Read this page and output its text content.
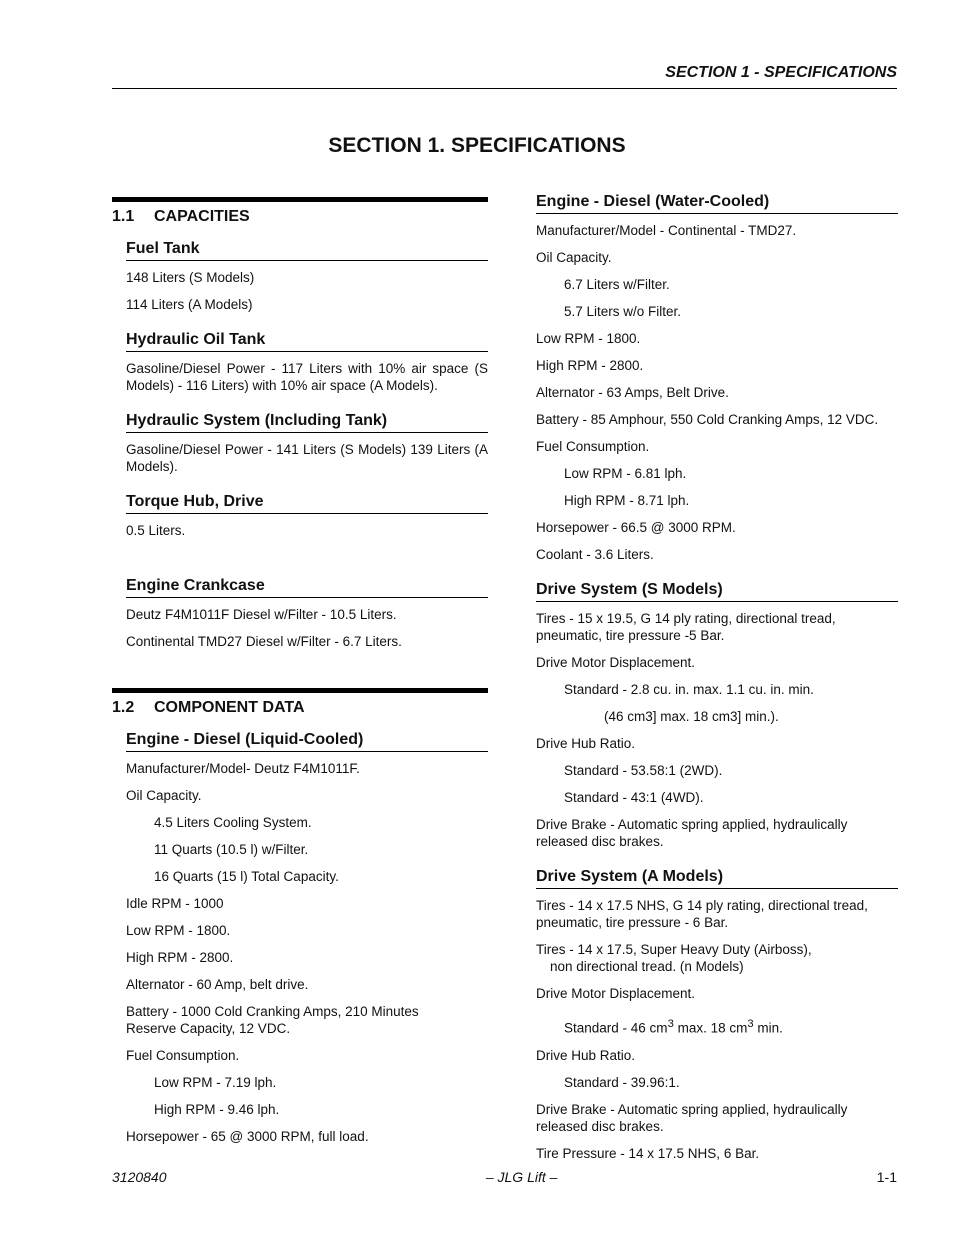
SECTION 1 - SPECIFICATIONS
SECTION 1. SPECIFICATIONS
1.1	CAPACITIES
Fuel Tank

148 Liters (S Models)

114 Liters (A Models)

Hydraulic Oil Tank

Gasoline/Diesel Power - 117 Liters with 10% air space (S Models) - 116 Liters) with 10% air space (A Models).

Hydraulic System (Including Tank)

Gasoline/Diesel Power - 141 Liters (S Models) 139 Liters (A Models).

Torque Hub, Drive

0.5 Liters.

Engine Crankcase

Deutz F4M1011F Diesel w/Filter - 10.5 Liters.

Continental TMD27 Diesel w/Filter - 6.7 Liters.

1.2	COMPONENT DATA
Engine - Diesel (Liquid-Cooled)

Manufacturer/Model- Deutz F4M1011F.

Oil Capacity.

4.5 Liters Cooling System.

11 Quarts (10.5 l) w/Filter.

16 Quarts (15 l) Total Capacity.

Idle RPM - 1000

Low RPM - 1800.

High RPM - 2800.

Alternator - 60 Amp, belt drive.

Battery - 1000 Cold Cranking Amps, 210 Minutes
Reserve Capacity, 12 VDC.

Fuel Consumption.

Low RPM - 7.19 lph.

High RPM - 9.46 lph.

Horsepower - 65 @ 3000 RPM, full load.

Engine - Diesel (Water-Cooled)

Manufacturer/Model - Continental - TMD27.

Oil Capacity.

6.7 Liters w/Filter.

5.7 Liters w/o Filter.

Low RPM - 1800.

High RPM - 2800.

Alternator - 63 Amps, Belt Drive.

Battery - 85 Amphour, 550 Cold Cranking Amps, 12 VDC.

Fuel Consumption.

Low RPM - 6.81 lph.

High RPM - 8.71 lph.

Horsepower - 66.5 @ 3000 RPM.

Coolant - 3.6 Liters.

Drive System (S Models)

Tires - 15 x 19.5, G 14 ply rating, directional tread, pneumatic, tire pressure -5 Bar.

Drive Motor Displacement.

Standard - 2.8 cu. in. max. 1.1 cu. in. min.

(46 cm3] max. 18 cm3] min.).

Drive Hub Ratio.

Standard - 53.58:1 (2WD).

Standard - 43:1 (4WD).

Drive Brake - Automatic spring applied, hydraulically released disc brakes.

Drive System (A Models)

Tires - 14 x 17.5 NHS, G 14 ply rating, directional tread, pneumatic, tire pressure - 6 Bar.

Tires - 14 x 17.5, Super Heavy Duty (Airboss),
non directional tread. (n Models)

Drive Motor Displacement.

Standard - 46 $cm^3$ max. 18 $cm^3$ min.

Drive Hub Ratio.

Standard - 39.96:1.

Drive Brake - Automatic spring applied, hydraulically released disc brakes.

Tire Pressure - 14 x 17.5 NHS, 6 Bar.

3120840	– JLG Lift –	1-1
